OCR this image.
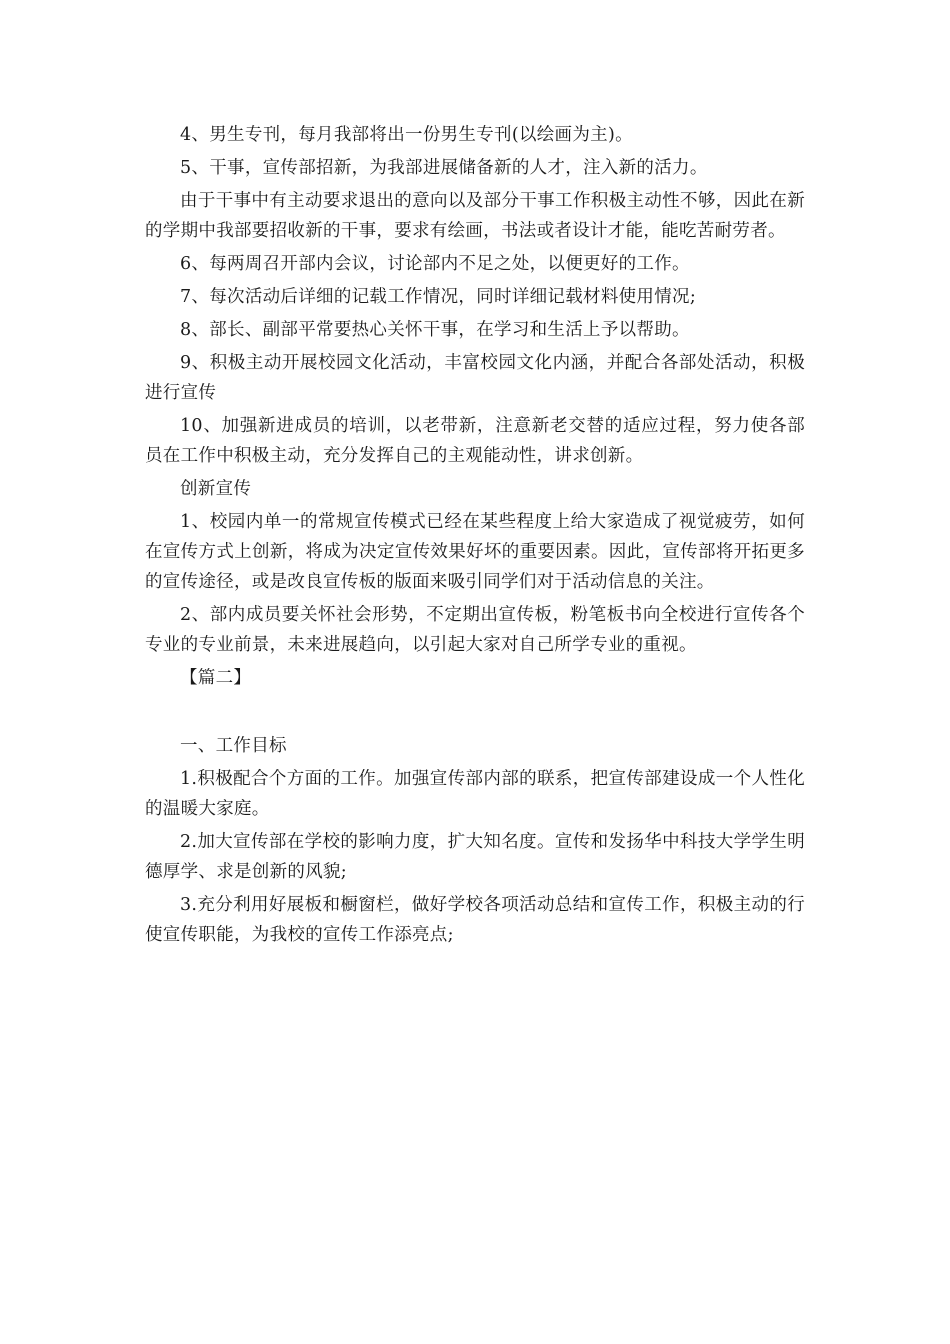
4、男生专刊，每月我部将出一份男生专刊(以绘画为主)。

5、干事，宣传部招新，为我部进展储备新的人才，注入新的活力。

由于干事中有主动要求退出的意向以及部分干事工作积极主动性不够，因此在新的学期中我部要招收新的干事，要求有绘画，书法或者设计才能，能吃苦耐劳者。

6、每两周召开部内会议，讨论部内不足之处，以便更好的工作。

7、每次活动后详细的记载工作情况，同时详细记载材料使用情况;

8、部长、副部平常要热心关怀干事，在学习和生活上予以帮助。

9、积极主动开展校园文化活动，丰富校园文化内涵，并配合各部处活动，积极进行宣传

10、加强新进成员的培训，以老带新，注意新老交替的适应过程，努力使各部员在工作中积极主动，充分发挥自己的主观能动性，讲求创新。

创新宣传

1、校园内单一的常规宣传模式已经在某些程度上给大家造成了视觉疲劳，如何在宣传方式上创新，将成为决定宣传效果好坏的重要因素。因此，宣传部将开拓更多的宣传途径，或是改良宣传板的版面来吸引同学们对于活动信息的关注。

2、部内成员要关怀社会形势，不定期出宣传板，粉笔板书向全校进行宣传各个专业的专业前景，未来进展趋向，以引起大家对自己所学专业的重视。

【篇二】

一、工作目标

1.积极配合个方面的工作。加强宣传部内部的联系，把宣传部建设成一个人性化的温暖大家庭。

2.加大宣传部在学校的影响力度，扩大知名度。宣传和发扬华中科技大学学生明德厚学、求是创新的风貌;

3.充分利用好展板和橱窗栏，做好学校各项活动总结和宣传工作，积极主动的行使宣传职能，为我校的宣传工作添亮点;
